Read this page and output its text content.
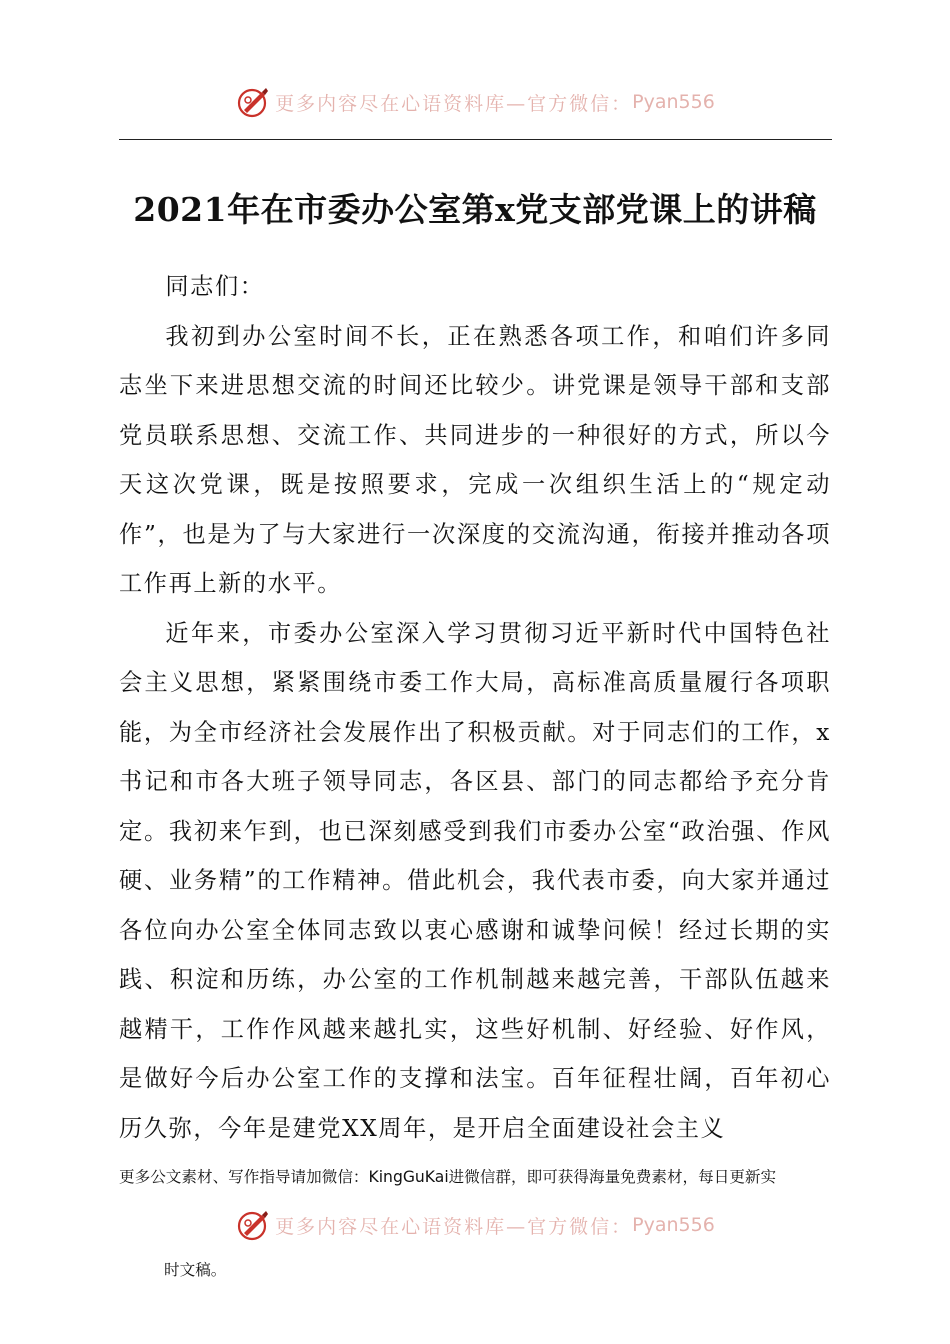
更多内容尽在心语资料库—官方微信： Pyan556
2021年在市委办公室第x党支部党课上的讲稿

同志们：

我初到办公室时间不长，正在熟悉各项工作，和咱们许多同志坐下来进思想交流的时间还比较少。讲党课是领导干部和支部党员联系思想、交流工作、共同进步的一种很好的方式，所以今天这次党课，既是按照要求，完成一次组织生活上的“规定动作”，也是为了与大家进行一次深度的交流沟通，衔接并推动各项工作再上新的水平。

近年来，市委办公室深入学习贯彻习近平新时代中国特色社会主义思想，紧紧围绕市委工作大局，高标准高质量履行各项职能，为全市经济社会发展作出了积极贡献。对于同志们的工作，x书记和市各大班子领导同志，各区县、部门的同志都给予充分肯定。我初来乍到，也已深刻感受到我们市委办公室“政治强、作风硬、业务精”的工作精神。借此机会，我代表市委，向大家并通过各位向办公室全体同志致以衷心感谢和诚挚问候！经过长期的实践、积淀和历练，办公室的工作机制越来越完善，干部队伍越来越精干，工作作风越来越扎实，这些好机制、好经验、好作风，是做好今后办公室工作的支撑和法宝。百年征程壮阔，百年初心历久弥，今年是建党XX周年，是开启全面建设社会主义

更多公文素材、写作指导请加微信：KingGuKai进微信群，即可获得海量免费素材，每日更新实
更多内容尽在心语资料库—官方微信： Pyan556
时文稿。
